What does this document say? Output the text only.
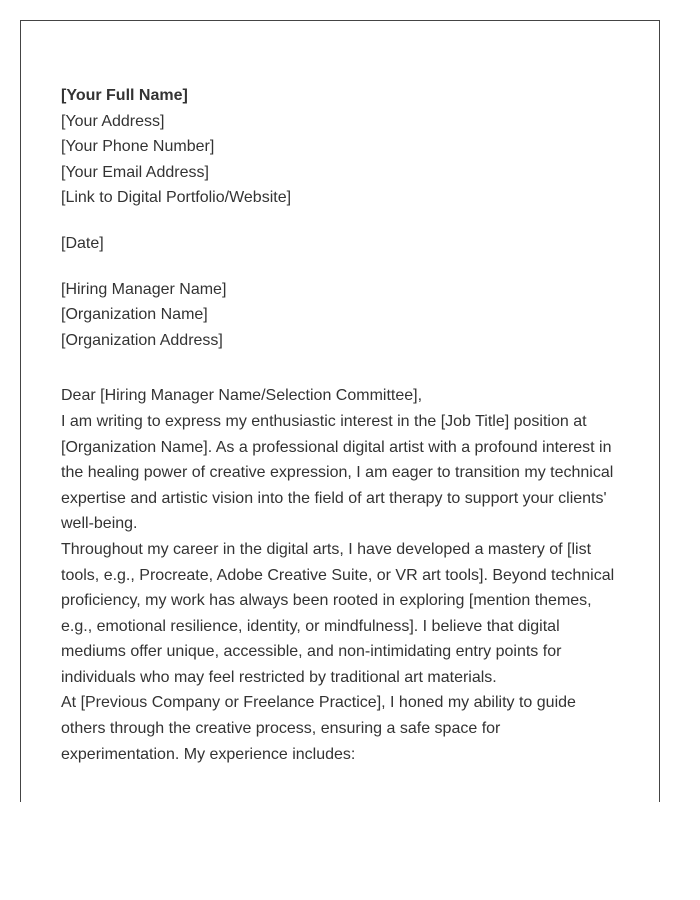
[Your Full Name]
[Your Address]
[Your Phone Number]
[Your Email Address]
[Link to Digital Portfolio/Website]
[Date]
[Hiring Manager Name]
[Organization Name]
[Organization Address]
Dear [Hiring Manager Name/Selection Committee],

I am writing to express my enthusiastic interest in the [Job Title] position at [Organization Name]. As a professional digital artist with a profound interest in the healing power of creative expression, I am eager to transition my technical expertise and artistic vision into the field of art therapy to support your clients' well-being.

Throughout my career in the digital arts, I have developed a mastery of [list tools, e.g., Procreate, Adobe Creative Suite, or VR art tools]. Beyond technical proficiency, my work has always been rooted in exploring [mention themes, e.g., emotional resilience, identity, or mindfulness]. I believe that digital mediums offer unique, accessible, and non-intimidating entry points for individuals who may feel restricted by traditional art materials.

At [Previous Company or Freelance Practice], I honed my ability to guide others through the creative process, ensuring a safe space for experimentation. My experience includes:
